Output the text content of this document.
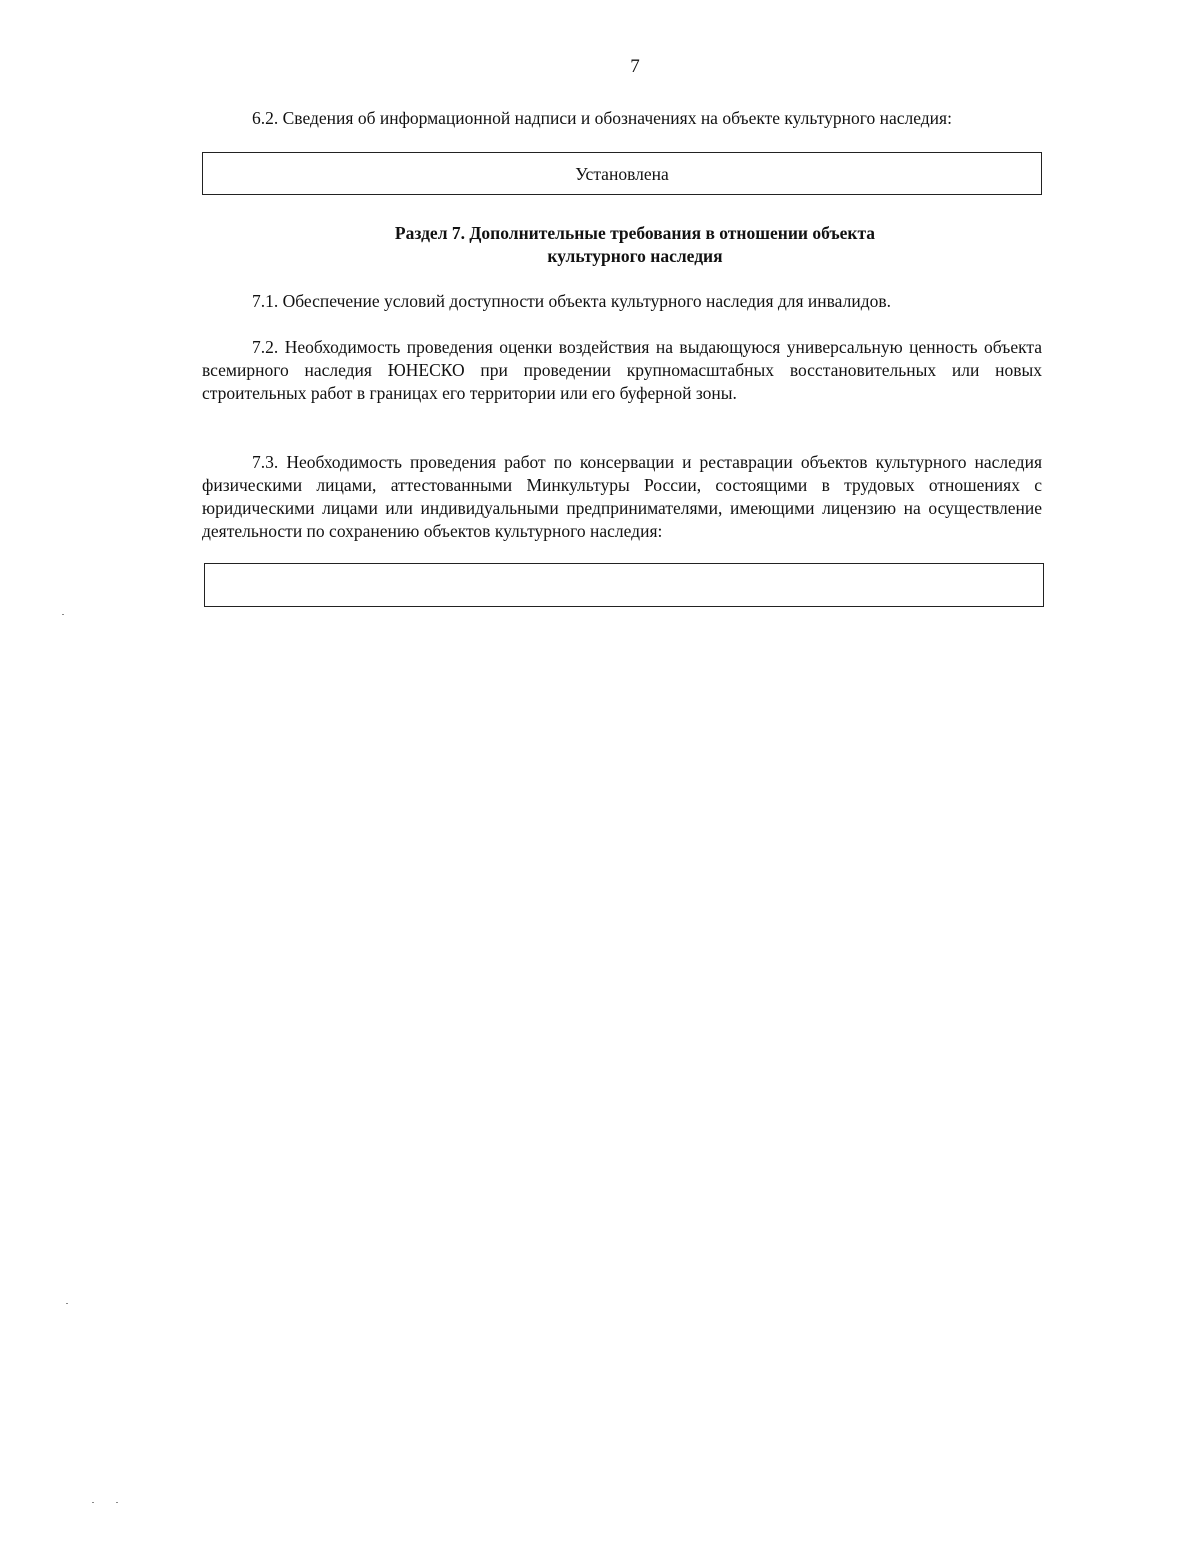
7
6.2. Сведения об информационной надписи и обозначениях на объекте культурного наследия:
Установлена
Раздел 7. Дополнительные требования в отношении объекта
культурного наследия
7.1. Обеспечение условий доступности объекта культурного наследия для инвалидов.
7.2. Необходимость проведения оценки воздействия на выдающуюся универсальную ценность объекта всемирного наследия ЮНЕСКО при проведении крупномасштабных восстановительных или новых строительных работ в границах его территории или его буферной зоны.
7.3. Необходимость проведения работ по консервации и реставрации объектов культурного наследия физическими лицами, аттестованными Минкультуры России, состоящими в трудовых отношениях с юридическими лицами или индивидуальными предпринимателями, имеющими лицензию на осуществление деятельности по сохранению объектов культурного наследия:
